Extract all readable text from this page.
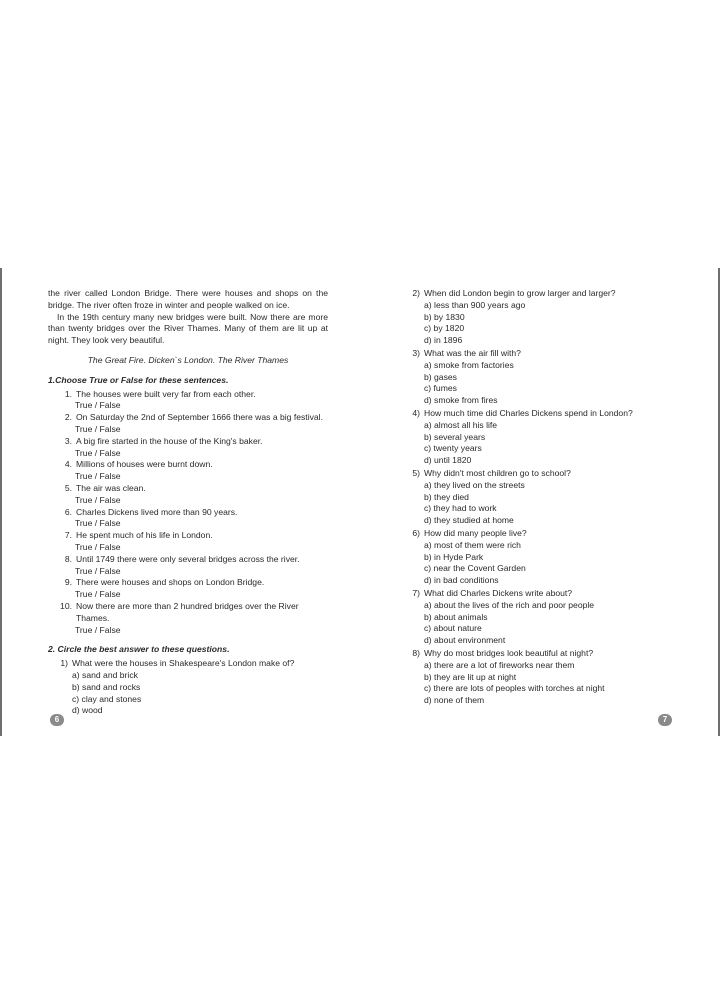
the river called London Bridge. There were houses and shops on the bridge. The river often froze in winter and people walked on ice.

In the 19th century many new bridges were built. Now there are more than twenty bridges over the River Thames. Many of them are lit up at night. They look very beautiful.

The Great Fire. Dicken`s London. The River Thames
1.Choose True or False for these sentences.
1. The houses were built very far from each other.
True / False
2. On Saturday the 2nd of September 1666 there was a big festival.
True / False
3. A big fire started in the house of the King's baker.
True / False
4. Millions of houses were burnt down.
True / False
5. The air was clean.
True / False
6. Charles Dickens lived more than 90 years.
True / False
7. He spent much of his life in London.
True / False
8. Until 1749 there were only several bridges across the river.
True / False
9. There were houses and shops on London Bridge.
True / False
10. Now there are more than 2 hundred bridges over the River Thames.
True / False
2. Circle the best answer to these questions.
1) What were the houses in Shakespeare's London make of?
a) sand and brick
b) sand and rocks
c) clay and stones
d) wood
2) When did London begin to grow larger and larger?
a) less than 900 years ago
b) by 1830
c) by 1820
d) in 1896
3) What was the air fill with?
a) smoke from factories
b) gases
c) fumes
d) smoke from fires
4) How much time did Charles Dickens spend in London?
a) almost all his life
b) several years
c) twenty years
d) until 1820
5) Why didn't most children go to school?
a) they lived on the streets
b) they died
c) they had to work
d) they studied at home
6) How did many people live?
a) most of them were rich
b) in Hyde Park
c) near the Covent Garden
d) in bad conditions
7) What did Charles Dickens write about?
a) about the lives of the rich and poor people
b) about animals
c) about nature
d) about environment
8) Why do most bridges look beautiful at night?
a) there are a lot of fireworks near them
b) they are lit up at night
c) there are lots of peoples with torches at night
d) none of them
6	7
